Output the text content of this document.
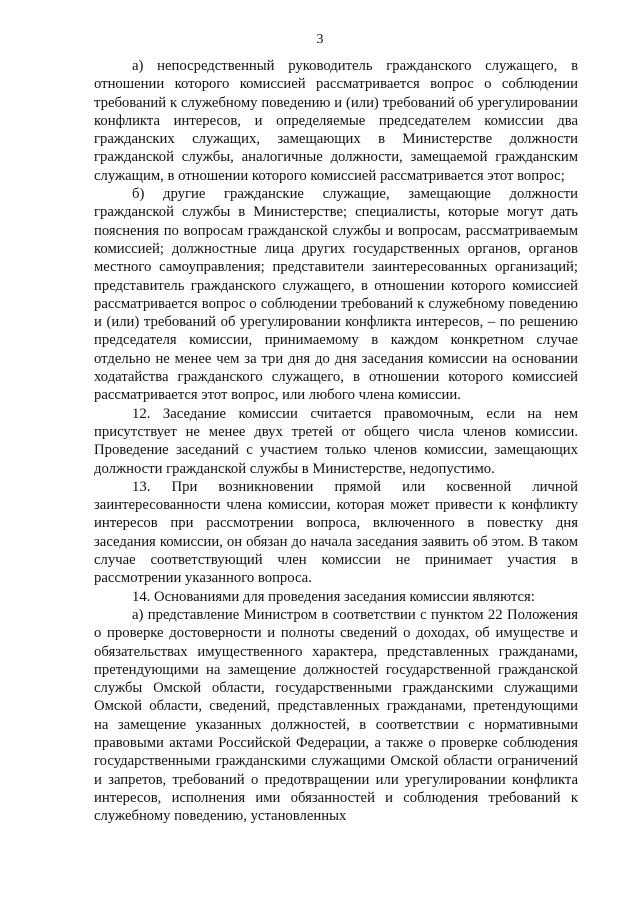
3

а) непосредственный руководитель гражданского служащего, в отношении которого комиссией рассматривается вопрос о соблюдении требований к служебному поведению и (или) требований об урегулировании конфликта интересов, и определяемые председателем комиссии два гражданских служащих, замещающих в Министерстве должности гражданской службы, аналогичные должности, замещаемой гражданским служащим, в отношении которого комиссией рассматривается этот вопрос;

б) другие гражданские служащие, замещающие должности гражданской службы в Министерстве; специалисты, которые могут дать пояснения по вопросам гражданской службы и вопросам, рассматриваемым комиссией; должностные лица других государственных органов, органов местного самоуправления; представители заинтересованных организаций; представитель гражданского служащего, в отношении которого комиссией рассматривается вопрос о соблюдении требований к служебному поведению и (или) требований об урегулировании конфликта интересов, – по решению председателя комиссии, принимаемому в каждом конкретном случае отдельно не менее чем за три дня до дня заседания комиссии на основании ходатайства гражданского служащего, в отношении которого комиссией рассматривается этот вопрос, или любого члена комиссии.

12. Заседание комиссии считается правомочным, если на нем присутствует не менее двух третей от общего числа членов комиссии. Проведение заседаний с участием только членов комиссии, замещающих должности гражданской службы в Министерстве, недопустимо.

13. При возникновении прямой или косвенной личной заинтересованности члена комиссии, которая может привести к конфликту интересов при рассмотрении вопроса, включенного в повестку дня заседания комиссии, он обязан до начала заседания заявить об этом. В таком случае соответствующий член комиссии не принимает участия в рассмотрении указанного вопроса.

14. Основаниями для проведения заседания комиссии являются:

а) представление Министром в соответствии с пунктом 22 Положения о проверке достоверности и полноты сведений о доходах, об имуществе и обязательствах имущественного характера, представленных гражданами, претендующими на замещение должностей государственной гражданской службы Омской области, государственными гражданскими служащими Омской области, сведений, представленных гражданами, претендующими на замещение указанных должностей, в соответствии с нормативными правовыми актами Российской Федерации, а также о проверке соблюдения государственными гражданскими служащими Омской области ограничений и запретов, требований о предотвращении или урегулировании конфликта интересов, исполнения ими обязанностей и соблюдения требований к служебному поведению, установленных
